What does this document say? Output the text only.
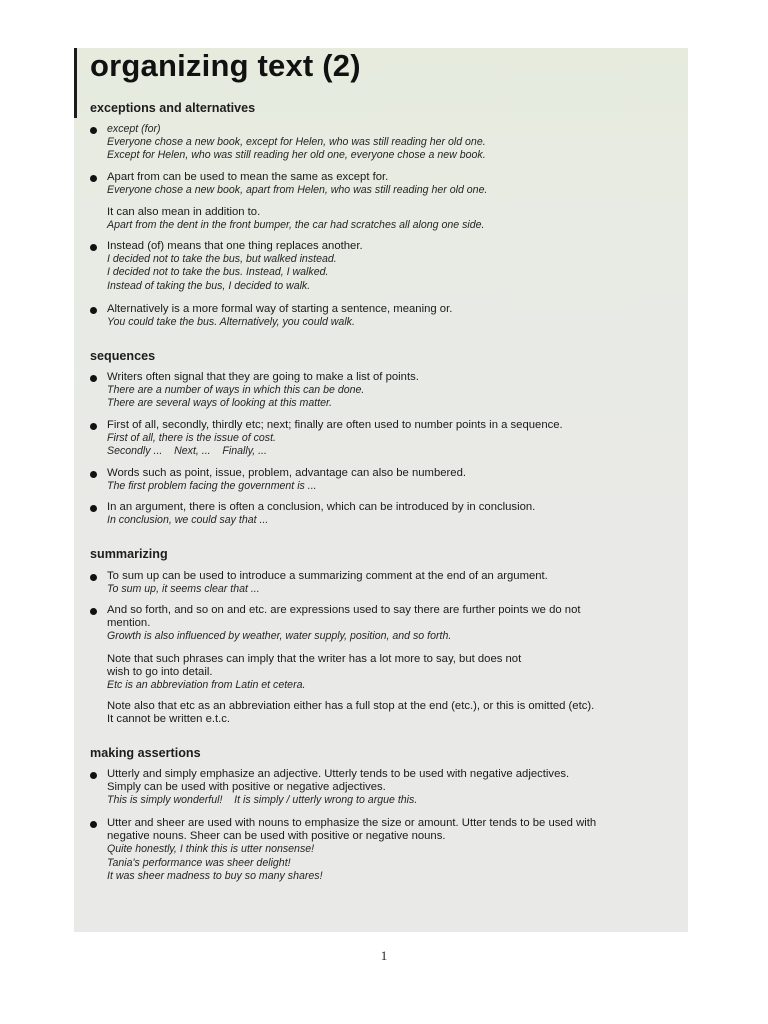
organizing text (2)
exceptions and alternatives
except (for)
Everyone chose a new book, except for Helen, who was still reading her old one.
Except for Helen, who was still reading her old one, everyone chose a new book.
Apart from can be used to mean the same as except for.
Everyone chose a new book, apart from Helen, who was still reading her old one.
It can also mean in addition to.
Apart from the dent in the front bumper, the car had scratches all along one side.
Instead (of) means that one thing replaces another.
I decided not to take the bus, but walked instead.
I decided not to take the bus. Instead, I walked.
Instead of taking the bus, I decided to walk.
Alternatively is a more formal way of starting a sentence, meaning or.
You could take the bus. Alternatively, you could walk.
sequences
Writers often signal that they are going to make a list of points.
There are a number of ways in which this can be done.
There are several ways of looking at this matter.
First of all, secondly, thirdly etc; next; finally are often used to number points in a sequence.
First of all, there is the issue of cost.
Secondly ...    Next, ...    Finally, ...
Words such as point, issue, problem, advantage can also be numbered.
The first problem facing the government is ...
In an argument, there is often a conclusion, which can be introduced by in conclusion.
In conclusion, we could say that ...
summarizing
To sum up can be used to introduce a summarizing comment at the end of an argument.
To sum up, it seems clear that ...
And so forth, and so on and etc. are expressions used to say there are further points we do not
mention.
Growth is also influenced by weather, water supply, position, and so forth.
Note that such phrases can imply that the writer has a lot more to say, but does not
wish to go into detail.
Etc is an abbreviation from Latin et cetera.
Note also that etc as an abbreviation either has a full stop at the end (etc.), or this is omitted (etc).
It cannot be written e.t.c.
making assertions
Utterly and simply emphasize an adjective. Utterly tends to be used with negative adjectives.
Simply can be used with positive or negative adjectives.
This is simply wonderful!    It is simply / utterly wrong to argue this.
Utter and sheer are used with nouns to emphasize the size or amount. Utter tends to be used with
negative nouns. Sheer can be used with positive or negative nouns.
Quite honestly, I think this is utter nonsense!
Tania's performance was sheer delight!
It was sheer madness to buy so many shares!
1
